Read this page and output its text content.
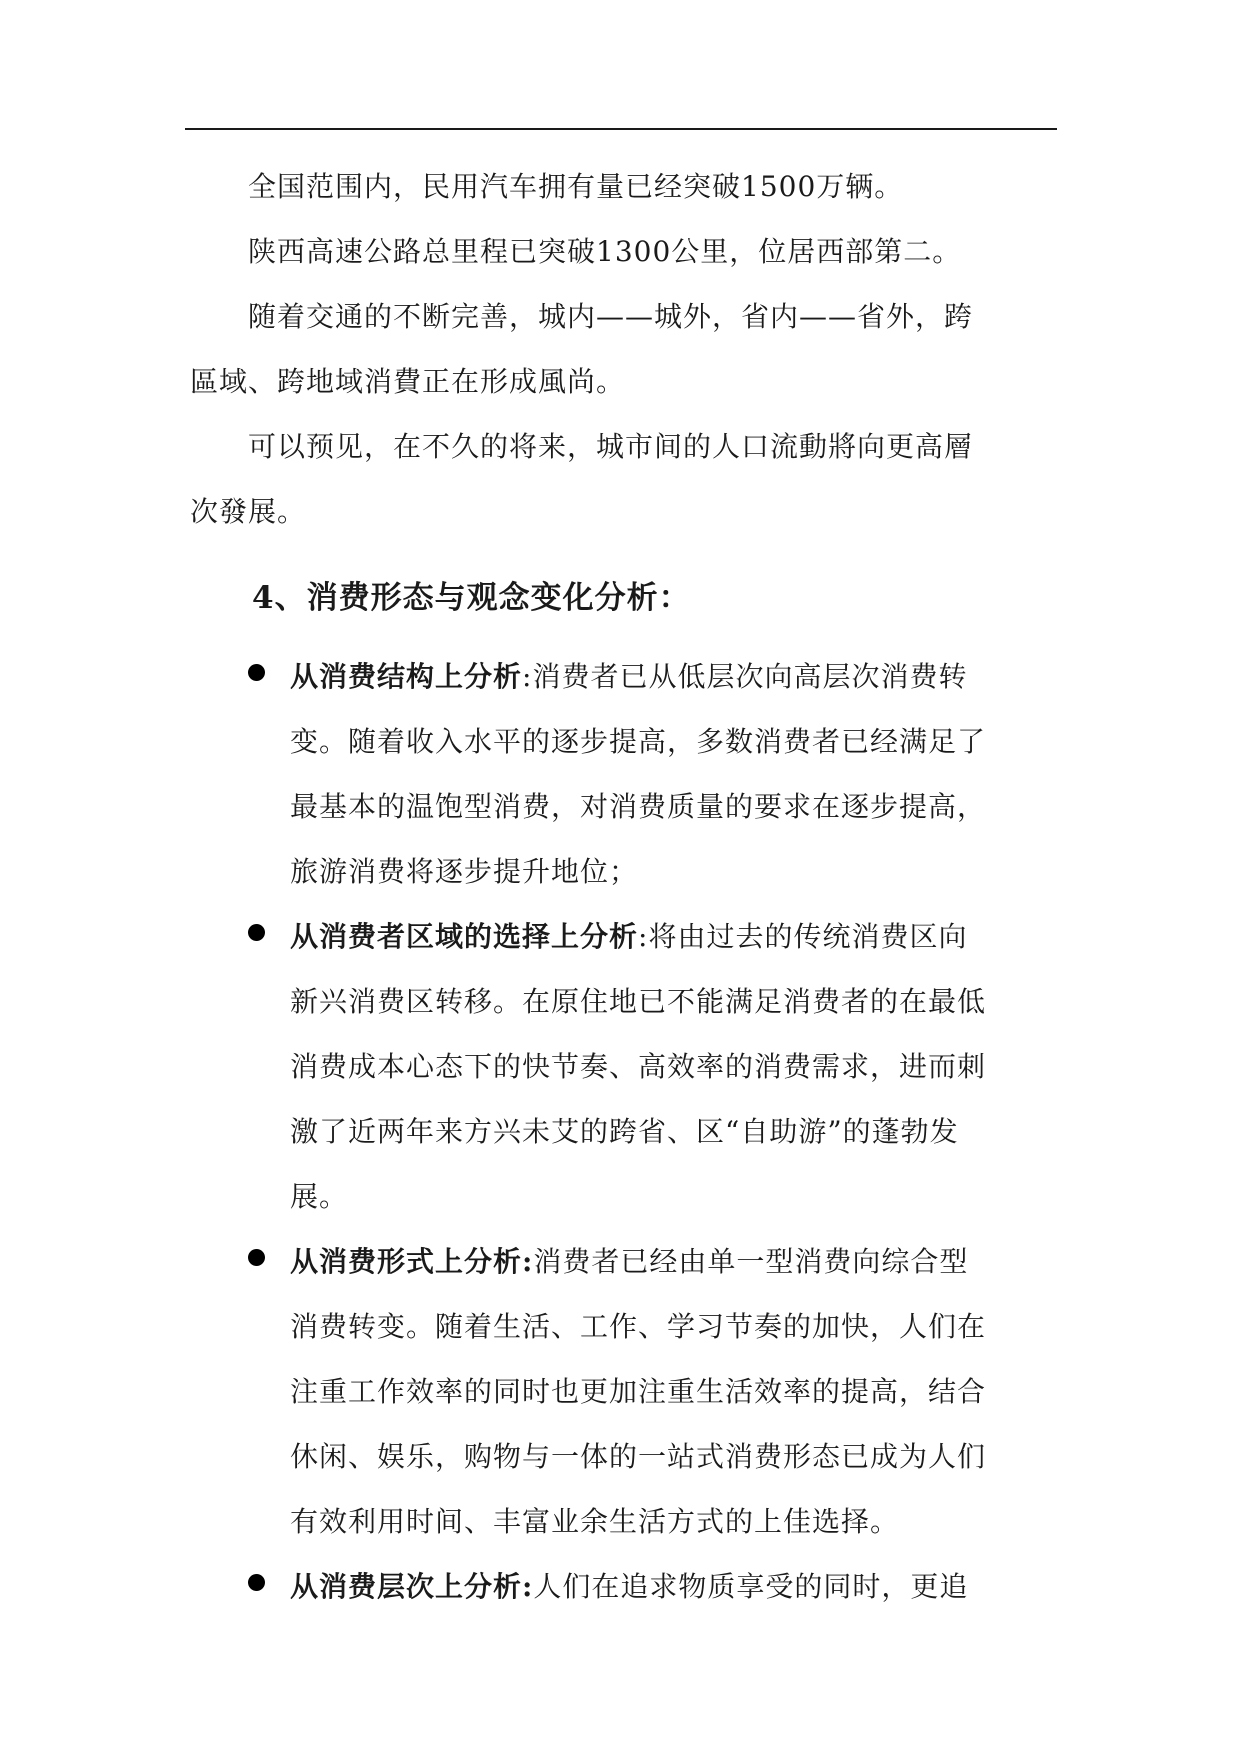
全国范围内，民用汽车拥有量已经突破1500万辆。
陕西高速公路总里程已突破1300公里，位居西部第二。
随着交通的不断完善，城内——城外，省内——省外，跨
區域、跨地域消費正在形成風尚。
可以预见，在不久的将来，城市间的人口流動將向更高層
次發展。
4、消费形态与观念变化分析：
从消费结构上分析:消费者已从低层次向高层次消费转
变。随着收入水平的逐步提高，多数消费者已经满足了
最基本的温饱型消费，对消费质量的要求在逐步提高，
旅游消费将逐步提升地位；
从消费者区域的选择上分析:将由过去的传统消费区向
新兴消费区转移。在原住地已不能满足消费者的在最低
消费成本心态下的快节奏、高效率的消费需求，进而刺
激了近两年来方兴未艾的跨省、区“自助游”的蓬勃发
展。
从消费形式上分析:消费者已经由单一型消费向综合型
消费转变。随着生活、工作、学习节奏的加快，人们在
注重工作效率的同时也更加注重生活效率的提高，结合
休闲、娱乐，购物与一体的一站式消费形态已成为人们
有效利用时间、丰富业余生活方式的上佳选择。
从消费层次上分析:人们在追求物质享受的同时，更追
